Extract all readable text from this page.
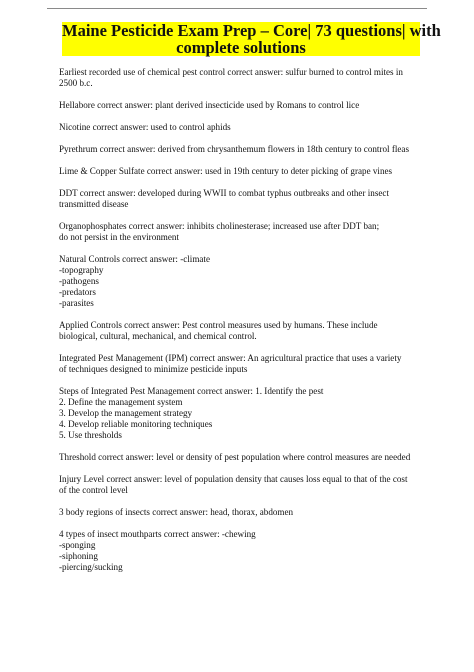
Maine Pesticide Exam Prep – Core| 73 questions| with
complete solutions
Earliest recorded use of chemical pest control correct answer: sulfur burned to control mites in
2500 b.c.
Hellabore correct answer: plant derived insecticide used by Romans to control lice
Nicotine correct answer: used to control aphids
Pyrethrum correct answer: derived from chrysanthemum flowers in 18th century to control fleas
Lime & Copper Sulfate correct answer: used in 19th century to deter picking of grape vines
DDT correct answer: developed during WWII to combat typhus outbreaks and other insect
transmitted disease
Organophosphates correct answer: inhibits cholinesterase; increased use after DDT ban;
do not persist in the environment
Natural Controls correct answer: -climate
-topography
-pathogens
-predators
-parasites
Applied Controls correct answer: Pest control measures used by humans. These include
biological, cultural, mechanical, and chemical control.
Integrated Pest Management (IPM) correct answer: An agricultural practice that uses a variety
of techniques designed to minimize pesticide inputs
Steps of Integrated Pest Management correct answer: 1. Identify the pest
2. Define the management system
3. Develop the management strategy
4. Develop reliable monitoring techniques
5. Use thresholds
Threshold correct answer: level or density of pest population where control measures are needed
Injury Level correct answer: level of population density that causes loss equal to that of the cost
of the control level
3 body regions of insects correct answer: head, thorax, abdomen
4 types of insect mouthparts correct answer: -chewing
-sponging
-siphoning
-piercing/sucking
